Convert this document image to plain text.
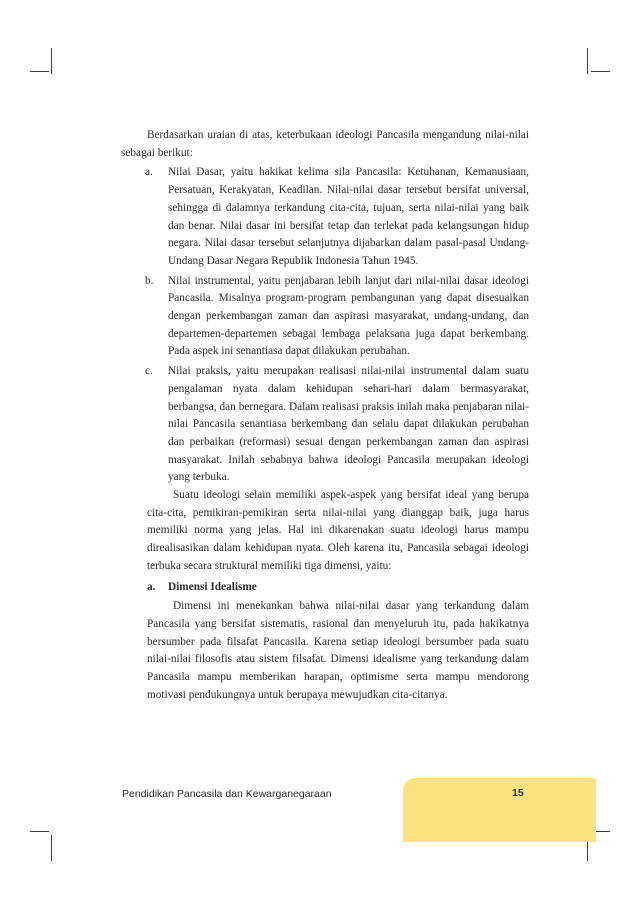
Berdasarkan uraian di atas, keterbukaan ideologi Pancasila mengandung nilai-nilai sebagai berikut:

a. Nilai Dasar, yaitu hakikat kelima sila Pancasila: Ketuhanan, Kemanusiaan, Persatuan, Kerakyatan, Keadilan. Nilai-nilai dasar tersebut bersifat universal, sehingga di dalamnya terkandung cita-cita, tujuan, serta nilai-nilai yang baik dan benar. Nilai dasar ini bersifat tetap dan terlekat pada kelangsungan hidup negara. Nilai dasar tersebut selanjutnya dijabarkan dalam pasal-pasal Undang-Undang Dasar Negara Republik Indonesia Tahun 1945.
b. Nilai instrumental, yaitu penjabaran lebih lanjut dari nilai-nilai dasar ideologi Pancasila. Misalnya program-program pembangunan yang dapat disesuaikan dengan perkembangan zaman dan aspirasi masyarakat, undang-undang, dan departemen-departemen sebagai lembaga pelaksana juga dapat berkembang. Pada aspek ini senantiasa dapat dilakukan perubahan.
c. Nilai praksis, yaitu merupakan realisasi nilai-nilai instrumental dalam suatu pengalaman nyata dalam kehidupan sehari-hari dalam bermasyarakat, berbangsa, dan bernegara. Dalam realisasi praksis inilah maka penjabaran nilai-nilai Pancasila senantiasa berkembang dan selalu dapat dilakukan perubahan dan perbaikan (reformasi) sesuai dengan perkembangan zaman dan aspirasi masyarakat. Inilah sebabnya bahwa ideologi Pancasila merupakan ideologi yang terbuka.

Suatu ideologi selain memiliki aspek-aspek yang bersifat ideal yang berupa cita-cita, pemikiran-pemikiran serta nilai-nilai yang dianggap baik, juga harus memiliki norma yang jelas. Hal ini dikarenakan suatu ideologi harus mampu direalisasikan dalam kehidupan nyata. Oleh karena itu, Pancasila sebagai ideologi terbuka secara struktural memiliki tiga dimensi, yaitu:

a. Dimensi Idealisme

Dimensi ini menekankan bahwa nilai-nilai dasar yang terkandung dalam Pancasila yang bersifat sistematis, rasional dan menyeluruh itu, pada hakikatnya bersumber pada filsafat Pancasila. Karena setiap ideologi bersumber pada suatu nilai-nilai filosofis atau sistem filsafat. Dimensi idealisme yang terkandung dalam Pancasila mampu memberikan harapan, optimisme serta mampu mendorong motivasi pendukungnya untuk berupaya mewujudkan cita-citanya.

Pendidikan Pancasila dan Kewarganegaraan	15
